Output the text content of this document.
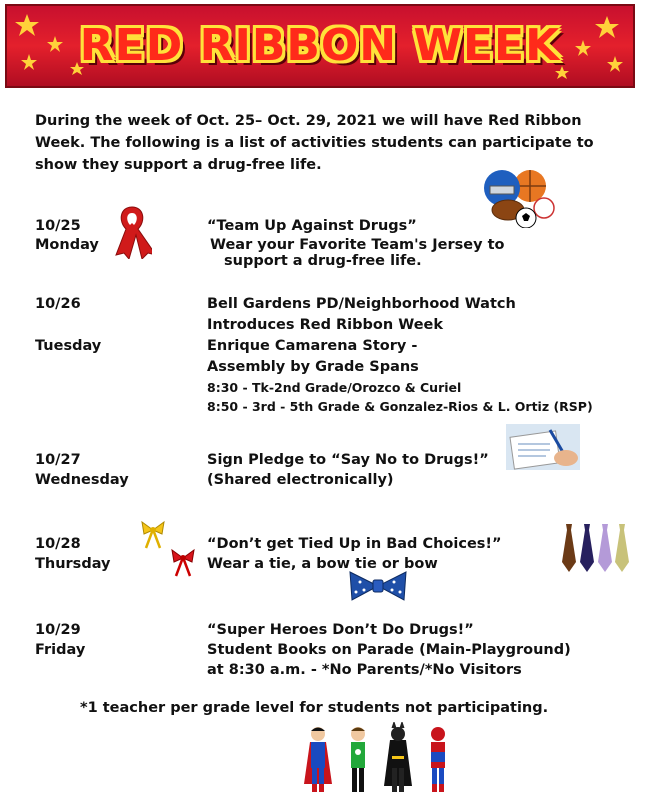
RED RIBBON WEEK
During the week of Oct. 25– Oct. 29, 2021 we will have Red Ribbon Week. The following is a list of activities students can participate to show they support a drug-free life.
10/25
Monday
“Team Up Against Drugs”
Wear your Favorite Team's Jersey to
support a drug-free life.
10/26
Tuesday
Bell Gardens PD/Neighborhood Watch
Introduces Red Ribbon Week
Enrique Camarena Story -
Assembly by Grade Spans
8:30 - Tk-2nd Grade/Orozco & Curiel
8:50 - 3rd - 5th Grade & Gonzalez-Rios & L. Ortiz (RSP)
10/27
Wednesday
Sign Pledge to “Say No to Drugs!”
(Shared electronically)
10/28
Thursday
“Don’t get Tied Up in Bad Choices!”
Wear a tie, a bow tie or bow
10/29
Friday
“Super Heroes Don’t Do Drugs!”
Student Books on Parade (Main-Playground)
at 8:30 a.m. - *No Parents/*No Visitors
*1 teacher per grade level for students not participating.
